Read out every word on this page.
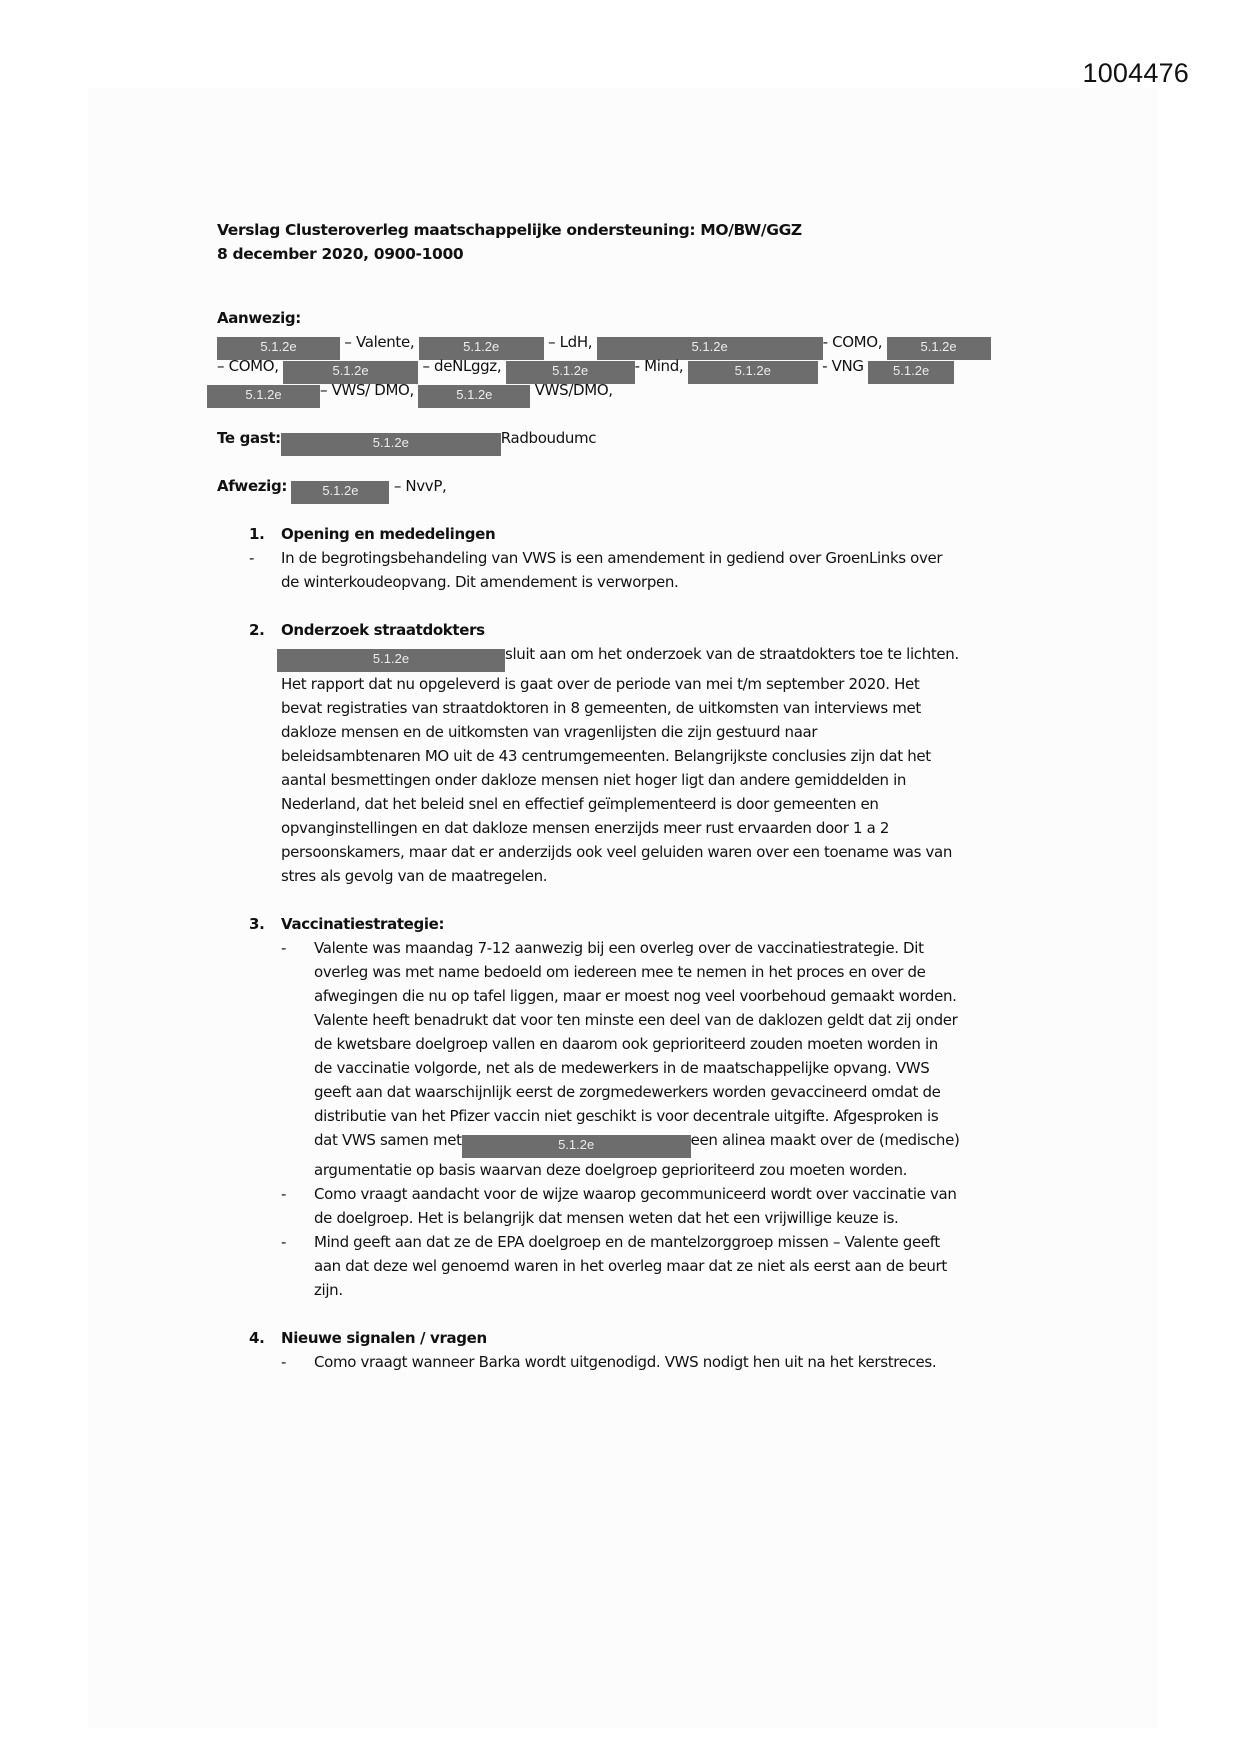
1004476

Verslag Clusteroverleg maatschappelijke ondersteuning: MO/BW/GGZ

8 december 2020, 0900-1000

Aanwezig:
5.1.2e	– Valente,	5.1.2e	– LdH,	5.1.2e	- COMO,	5.1.2e
– COMO,	5.1.2e	– deNLggz,	5.1.2e	- Mind,	5.1.2e	- VNG 5.1.2e
5.1.2e	– VWS/ DMO,	5.1.2e	VWS/DMO,
Te gast:	5.1.2e	Radboudumc
Afwezig:	5.1.2e – NvvP,
1.	Opening en mededelingen
-	In de begrotingsbehandeling van VWS is een amendement in gediend over GroenLinks over
de winterkoudeopvang. Dit amendement is verworpen.
2.	Onderzoek straatdokters
5.1.2e	sluit aan om het onderzoek van de straatdokters toe te lichten.
Het rapport dat nu opgeleverd is gaat over de periode van mei t/m september 2020. Het
bevat registraties van straatdoktoren in 8 gemeenten, de uitkomsten van interviews met
dakloze mensen en de uitkomsten van vragenlijsten die zijn gestuurd naar
beleidsambtenaren MO uit de 43 centrumgemeenten. Belangrijkste conclusies zijn dat het
aantal besmettingen onder dakloze mensen niet hoger ligt dan andere gemiddelden in
Nederland, dat het beleid snel en effectief geïmplementeerd is door gemeenten en
opvanginstellingen en dat dakloze mensen enerzijds meer rust ervaarden door 1 a 2
persoonskamers, maar dat er anderzijds ook veel geluiden waren over een toename was van
stres als gevolg van de maatregelen.
3.	Vaccinatiestrategie:
-	Valente was maandag 7-12 aanwezig bij een overleg over de vaccinatiestrategie. Dit
overleg was met name bedoeld om iedereen mee te nemen in het proces en over de
afwegingen die nu op tafel liggen, maar er moest nog veel voorbehoud gemaakt worden.
Valente heeft benadrukt dat voor ten minste een deel van de daklozen geldt dat zij onder
de kwetsbare doelgroep vallen en daarom ook geprioriteerd zouden moeten worden in
de vaccinatie volgorde, net als de medewerkers in de maatschappelijke opvang. VWS
geeft aan dat waarschijnlijk eerst de zorgmedewerkers worden gevaccineerd omdat de
distributie van het Pfizer vaccin niet geschikt is voor decentrale uitgifte. Afgesproken is
dat VWS samen met	5.1.2e	een alinea maakt over de (medische)
argumentatie op basis waarvan deze doelgroep geprioriteerd zou moeten worden.
-	Como vraagt aandacht voor de wijze waarop gecommuniceerd wordt over vaccinatie van
de doelgroep. Het is belangrijk dat mensen weten dat het een vrijwillige keuze is.
-	Mind geeft aan dat ze de EPA doelgroep en de mantelzorggroep missen – Valente geeft
aan dat deze wel genoemd waren in het overleg maar dat ze niet als eerst aan de beurt
zijn.
4.	Nieuwe signalen / vragen
-	Como vraagt wanneer Barka wordt uitgenodigd. VWS nodigt hen uit na het kerstreces.
